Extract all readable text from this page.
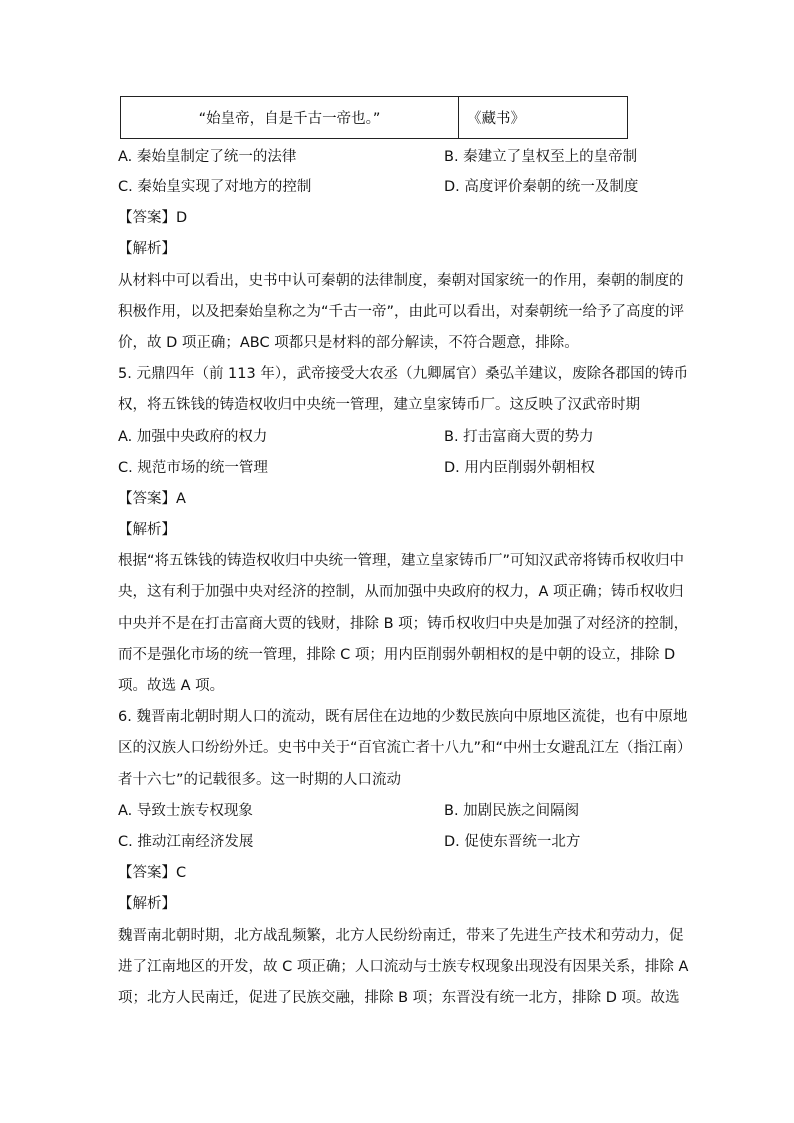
“始皇帝，自是千古一帝也。”	《藏书》
A. 秦始皇制定了统一的法律	B. 秦建立了皇权至上的皇帝制
C. 秦始皇实现了对地方的控制	D. 高度评价秦朝的统一及制度
【答案】D
【解析】
从材料中可以看出，史书中认可秦朝的法律制度，秦朝对国家统一的作用，秦朝的制度的
积极作用，以及把秦始皇称之为“千古一帝”，由此可以看出，对秦朝统一给予了高度的评
价，故 D 项正确；ABC 项都只是材料的部分解读，不符合题意，排除。
5. 元鼎四年（前 113 年），武帝接受大农丞（九卿属官）桑弘羊建议，废除各郡国的铸币
权，将五铢钱的铸造权收归中央统一管理，建立皇家铸币厂。这反映了汉武帝时期
A. 加强中央政府的权力	B. 打击富商大贾的势力
C. 规范市场的统一管理	D. 用内臣削弱外朝相权
【答案】A
【解析】
根据“将五铢钱的铸造权收归中央统一管理，建立皇家铸币厂”可知汉武帝将铸币权收归中
央，这有利于加强中央对经济的控制，从而加强中央政府的权力，A 项正确；铸币权收归
中央并不是在打击富商大贾的钱财，排除 B 项；铸币权收归中央是加强了对经济的控制，
而不是强化市场的统一管理，排除 C 项；用内臣削弱外朝相权的是中朝的设立，排除 D
项。故选 A 项。
6. 魏晋南北朝时期人口的流动，既有居住在边地的少数民族向中原地区流徙，也有中原地
区的汉族人口纷纷外迁。史书中关于“百官流亡者十八九”和“中州士女避乱江左（指江南）
者十六七”的记载很多。这一时期的人口流动
A. 导致士族专权现象	B. 加剧民族之间隔阂
C. 推动江南经济发展	D. 促使东晋统一北方
【答案】C
【解析】
魏晋南北朝时期，北方战乱频繁，北方人民纷纷南迁，带来了先进生产技术和劳动力，促
进了江南地区的开发，故 C 项正确；人口流动与士族专权现象出现没有因果关系，排除 A
项；北方人民南迁，促进了民族交融，排除 B 项；东晋没有统一北方，排除 D 项。故选
